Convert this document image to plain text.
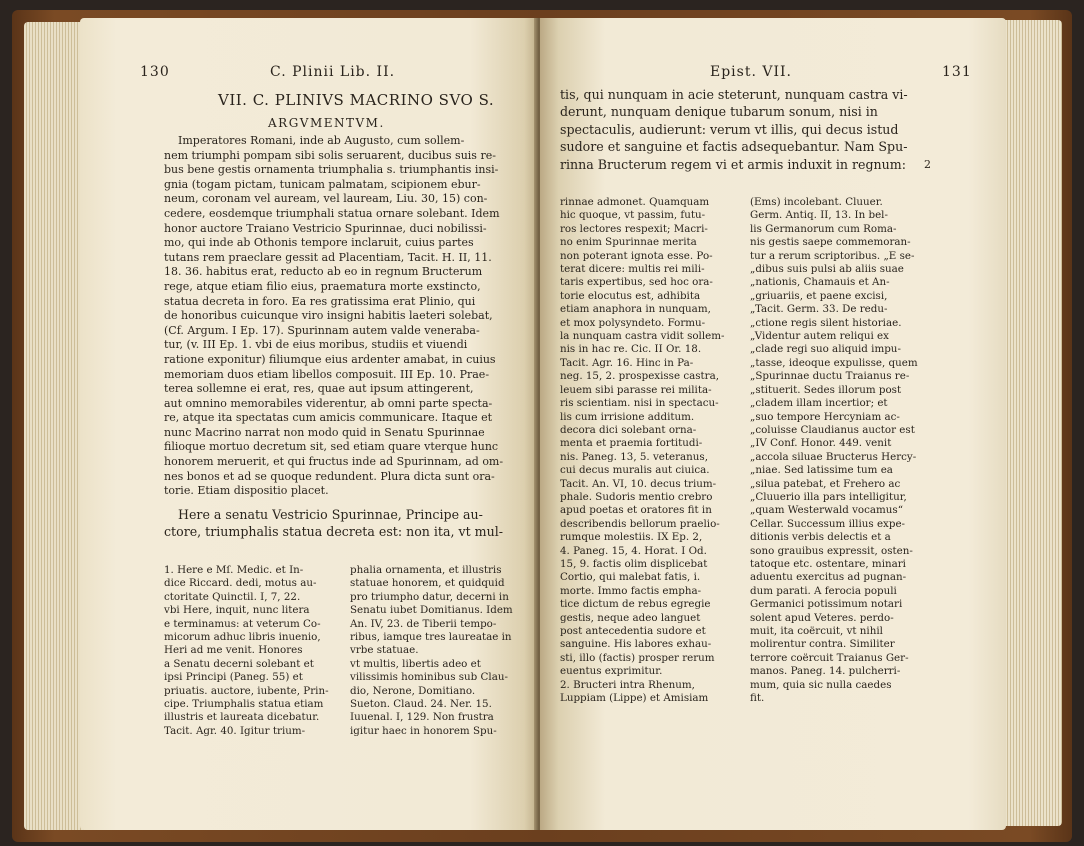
130	C. Plinii Lib. II.
VII. C. PLINIVS MACRINO SVO S.
ARGVMENTVM.

Imperatores Romani, inde ab Augusto, cum sollem-

nem triumphi pompam sibi solis seruarent, ducibus suis re-

bus bene gestis ornamenta triumphalia s. triumphantis insi-

gnia (togam pictam, tunicam palmatam, scipionem ebur-

neum, coronam vel auream, vel lauream, Liu. 30, 15) con-

cedere, eosdemque triumphali statua ornare solebant. Idem

honor auctore Traiano Vestricio Spurinnae, duci nobilissi-

mo, qui inde ab Othonis tempore inclaruit, cuius partes

tutans rem praeclare gessit ad Placentiam, Tacit. H. II, 11.

18. 36. habitus erat, reducto ab eo in regnum Bructerum

rege, atque etiam filio eius, praematura morte exstincto,

statua decreta in foro. Ea res gratissima erat Plinio, qui

de honoribus cuicunque viro insigni habitis laeteri solebat,

(Cf. Argum. I Ep. 17). Spurinnam autem valde veneraba-

tur, (v. III Ep. 1. vbi de eius moribus, studiis et viuendi

ratione exponitur) filiumque eius ardenter amabat, in cuius

memoriam duos etiam libellos composuit. III Ep. 10. Prae-

terea sollemne ei erat, res, quae aut ipsum attingerent,

aut omnino memorabiles viderentur, ab omni parte specta-

re, atque ita spectatas cum amicis communicare. Itaque et

nunc Macrino narrat non modo quid in Senatu Spurinnae

filioque mortuo decretum sit, sed etiam quare vterque hunc

honorem meruerit, et qui fructus inde ad Spurinnam, ad om-

nes bonos et ad se quoque redundent. Plura dicta sunt ora-

torie. Etiam dispositio placet.

Here a senatu Vestricio Spurinnae, Principe au-

ctore, triumphalis statua decreta est: non ita, vt mul-

1. Here e Mſ. Medic. et In-

dice Riccard. dedi, motus au-

ctoritate Quinctil. I, 7, 22.

vbi Here, inquit, nunc litera

e terminamus: at veterum Co-

micorum adhuc libris inuenio,

Heri ad me venit. Honores

a Senatu decerni solebant et

ipsi Principi (Paneg. 55) et

priuatis. auctore, iubente, Prin-

cipe. Triumphalis statua etiam

illustris et laureata dicebatur.

Tacit. Agr. 40. Igitur trium-

phalia ornamenta, et illustris

statuae honorem, et quidquid

pro triumpho datur, decerni in

Senatu iubet Domitianus. Idem

An. IV, 23. de Tiberii tempo-

ribus, iamque tres laureatae in

vrbe statuae.

vt multis, libertis adeo et

vilissimis hominibus sub Clau-

dio, Nerone, Domitiano.

Sueton. Claud. 24. Ner. 15.

Iuuenal. I, 129. Non frustra

igitur haec in honorem Spu-

Epist. VII.	131

tis, qui nunquam in acie steterunt, nunquam castra vi-

derunt, nunquam denique tubarum sonum, nisi in

spectaculis, audierunt: verum vt illis, qui decus istud

sudore et sanguine et factis adsequebantur. Nam Spu-

rinna Bructerum regem vi et armis induxit in regnum:	2

rinnae admonet. Quamquam

hic quoque, vt passim, futu-

ros lectores respexit; Macri-

no enim Spurinnae merita

non poterant ignota esse. Po-

terat dicere: multis rei mili-

taris expertibus, sed hoc ora-

torie elocutus est, adhibita

etiam anaphora in nunquam,

et mox polysyndeto. Formu-

la nunquam castra vidit sollem-

nis in hac re. Cic. II Or. 18.

Tacit. Agr. 16. Hinc in Pa-

neg. 15, 2. prospexisse castra,

leuem sibi parasse rei milita-

ris scientiam. nisi in spectacu-

lis cum irrisione additum.

decora dici solebant orna-

menta et praemia fortitudi-

nis. Paneg. 13, 5. veteranus,

cui decus muralis aut ciuica.

Tacit. An. VI, 10. decus trium-

phale. Sudoris mentio crebro

apud poetas et oratores fit in

describendis bellorum praelio-

rumque molestiis. IX Ep. 2,

4. Paneg. 15, 4. Horat. I Od.

15, 9. factis olim displicebat

Cortio, qui malebat fatis, i.

morte. Immo factis empha-

tice dictum de rebus egregie

gestis, neque adeo languet

post antecedentia sudore et

sanguine. His labores exhau-

sti, illo (factis) prosper rerum

euentus exprimitur.

2. Bructeri intra Rhenum,

Luppiam (Lippe) et Amisiam

(Ems) incolebant. Cluuer.

Germ. Antiq. II, 13. In bel-

lis Germanorum cum Roma-

nis gestis saepe commemoran-

tur a rerum scriptoribus. „E se-

„dibus suis pulsi ab aliis suae

„nationis, Chamauis et An-

„griuariis, et paene excisi,

„Tacit. Germ. 33. De redu-

„ctione regis silent historiae.

„Videntur autem reliqui ex

„clade regi suo aliquid impu-

„tasse, ideoque expulisse, quem

„Spurinnae ductu Traianus re-

„stituerit. Sedes illorum post

„cladem illam incertior; et

„suo tempore Hercyniam ac-

„coluisse Claudianus auctor est

„IV Conf. Honor. 449. venit

„accola siluae Bructerus Hercy-

„niae. Sed latissime tum ea

„silua patebat, et Frehero ac

„Cluuerio illa pars intelligitur,

„quam Westerwald vocamus“

Cellar. Successum illius expe-

ditionis verbis delectis et a

sono grauibus expressit, osten-

tatoque etc. ostentare, minari

aduentu exercitus ad pugnan-

dum parati. A ferocia populi

Germanici potissimum notari

solent apud Veteres. perdo-

muit, ita coërcuit, vt nihil

molirentur contra. Similiter

terrore coërcuit Traianus Ger-

manos. Paneg. 14. pulcherri-

mum, quia sic nulla caedes

fit.
